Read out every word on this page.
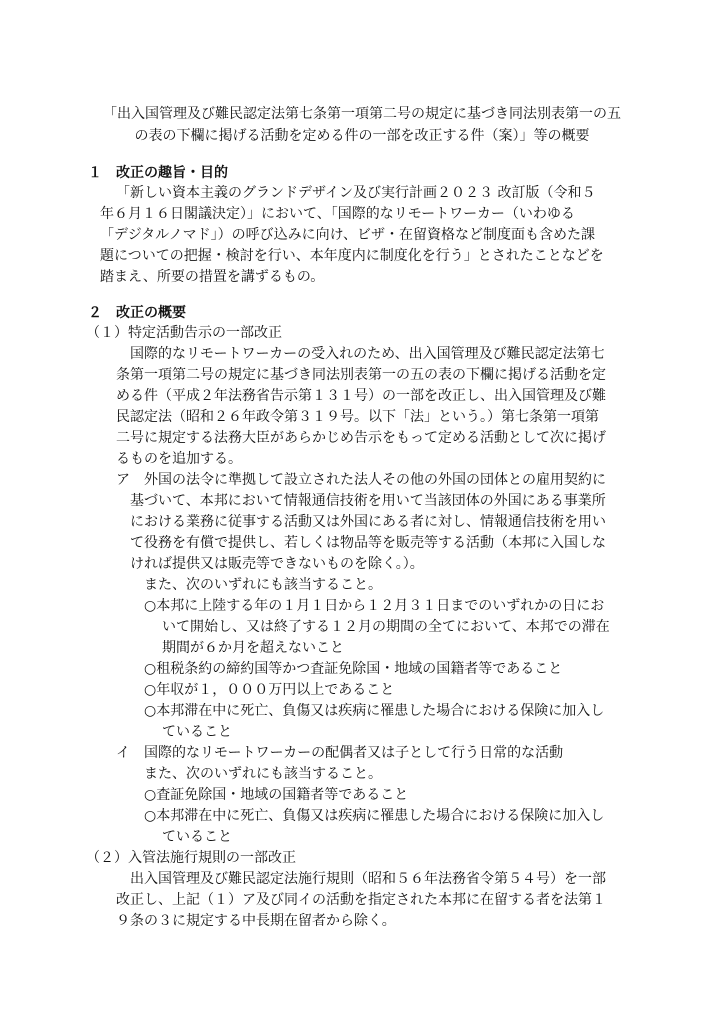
「出入国管理及び難民認定法第七条第一項第二号の規定に基づき同法別表第一の五
の表の下欄に掲げる活動を定める件の一部を改正する件（案）」等の概要
１　改正の趣旨・目的
「新しい資本主義のグランドデザイン及び実行計画２０２３ 改訂版（令和５
年６月１６日閣議決定）」において、「国際的なリモートワーカー（いわゆる
「デジタルノマド」）の呼び込みに向け、ビザ・在留資格など制度面も含めた課
題についての把握・検討を行い、本年度内に制度化を行う」とされたことなどを
踏まえ、所要の措置を講ずるもの。
２　改正の概要
（１）特定活動告示の一部改正
国際的なリモートワーカーの受入れのため、出入国管理及び難民認定法第七
条第一項第二号の規定に基づき同法別表第一の五の表の下欄に掲げる活動を定
める件（平成２年法務省告示第１３１号）の一部を改正し、出入国管理及び難
民認定法（昭和２６年政令第３１９号。以下「法」という。）第七条第一項第
二号に規定する法務大臣があらかじめ告示をもって定める活動として次に掲げ
るものを追加する。
ア　外国の法令に準拠して設立された法人その他の外国の団体との雇用契約に
基づいて、本邦において情報通信技術を用いて当該団体の外国にある事業所
における業務に従事する活動又は外国にある者に対し、情報通信技術を用い
て役務を有償で提供し、若しくは物品等を販売等する活動（本邦に入国しな
ければ提供又は販売等できないものを除く。）。
また、次のいずれにも該当すること。
○本邦に上陸する年の１月１日から１２月３１日までのいずれかの日にお
いて開始し、又は終了する１２月の期間の全てにおいて、本邦での滞在
期間が６か月を超えないこと
○租税条約の締約国等かつ査証免除国・地域の国籍者等であること
○年収が１，０００万円以上であること
○本邦滞在中に死亡、負傷又は疾病に罹患した場合における保険に加入し
ていること
イ　国際的なリモートワーカーの配偶者又は子として行う日常的な活動
また、次のいずれにも該当すること。
○査証免除国・地域の国籍者等であること
○本邦滞在中に死亡、負傷又は疾病に罹患した場合における保険に加入し
ていること
（２）入管法施行規則の一部改正
出入国管理及び難民認定法施行規則（昭和５６年法務省令第５４号）を一部
改正し、上記（１）ア及び同イの活動を指定された本邦に在留する者を法第１
９条の３に規定する中長期在留者から除く。
